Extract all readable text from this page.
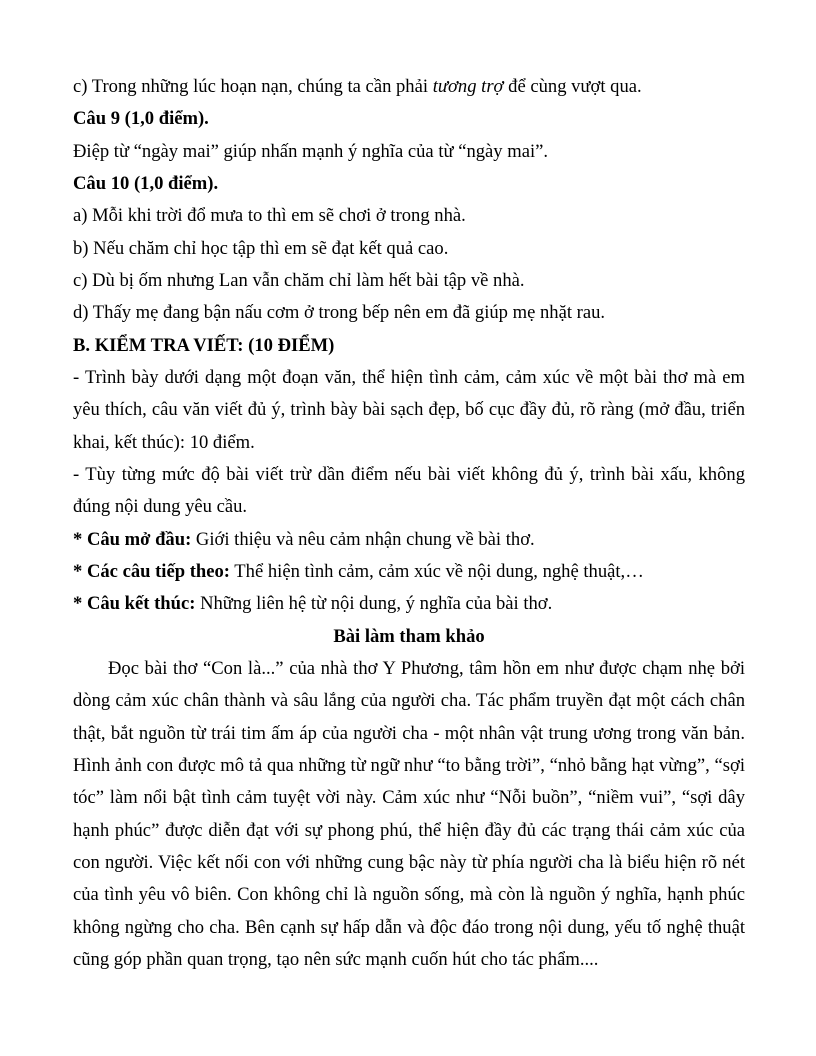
c) Trong những lúc hoạn nạn, chúng ta cần phải tương trợ để cùng vượt qua.

Câu 9 (1,0 điểm).

Điệp từ “ngày mai” giúp nhấn mạnh ý nghĩa của từ “ngày mai”.

Câu 10 (1,0 điểm).

a) Mỗi khi trời đổ mưa to thì em sẽ chơi ở trong nhà.

b) Nếu chăm chỉ học tập thì em sẽ đạt kết quả cao.

c) Dù bị ốm nhưng Lan vẫn chăm chỉ làm hết bài tập về nhà.

d) Thấy mẹ đang bận nấu cơm ở trong bếp nên em đã giúp mẹ nhặt rau.

B. KIỂM TRA VIẾT: (10 ĐIỂM)

- Trình bày dưới dạng một đoạn văn, thể hiện tình cảm, cảm xúc về một bài thơ mà em yêu thích, câu văn viết đủ ý, trình bày bài sạch đẹp, bố cục đầy đủ, rõ ràng (mở đầu, triển khai, kết thúc): 10 điểm.

- Tùy từng mức độ bài viết trừ dần điểm nếu bài viết không đủ ý, trình bài xấu, không đúng nội dung yêu cầu.

* Câu mở đầu: Giới thiệu và nêu cảm nhận chung về bài thơ.

* Các câu tiếp theo: Thể hiện tình cảm, cảm xúc về nội dung, nghệ thuật,…

* Câu kết thúc: Những liên hệ từ nội dung, ý nghĩa của bài thơ.

Bài làm tham khảo

Đọc bài thơ “Con là...” của nhà thơ Y Phương, tâm hồn em như được chạm nhẹ bởi dòng cảm xúc chân thành và sâu lắng của người cha. Tác phẩm truyền đạt một cách chân thật, bắt nguồn từ trái tim ấm áp của người cha - một nhân vật trung ương trong văn bản. Hình ảnh con được mô tả qua những từ ngữ như “to bằng trời”, “nhỏ bằng hạt vừng”, “sợi tóc” làm nổi bật tình cảm tuyệt vời này. Cảm xúc như “Nỗi buồn”, “niềm vui”, “sợi dây hạnh phúc” được diễn đạt với sự phong phú, thể hiện đầy đủ các trạng thái cảm xúc của con người. Việc kết nối con với những cung bậc này từ phía người cha là biểu hiện rõ nét của tình yêu vô biên. Con không chỉ là nguồn sống, mà còn là nguồn ý nghĩa, hạnh phúc không ngừng cho cha. Bên cạnh sự hấp dẫn và độc đáo trong nội dung, yếu tố nghệ thuật cũng góp phần quan trọng, tạo nên sức mạnh cuốn hút cho tác phẩm....
